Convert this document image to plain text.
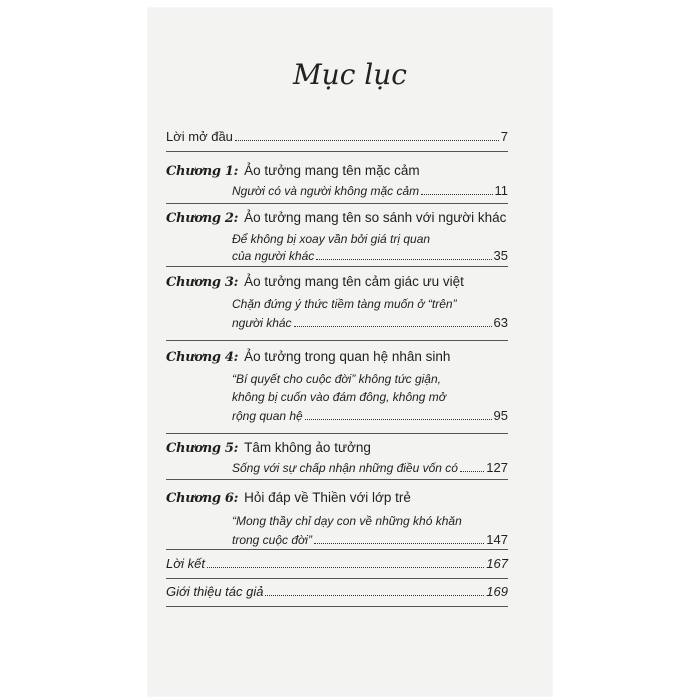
Mục lục
Lời mở đầu	7
Chương 1: Ảo tưởng mang tên mặc cảm
Người có và người không mặc cảm	11
Chương 2: Ảo tưởng mang tên so sánh với người khác
Để không bị xoay vần bởi giá trị quan
của người khác	35
Chương 3: Ảo tưởng mang tên cảm giác ưu việt
Chặn đứng ý thức tiềm tàng muốn ở “trên”
người khác	63
Chương 4: Ảo tưởng trong quan hệ nhân sinh
“Bí quyết cho cuộc đời” không tức giận,
không bị cuốn vào đám đông, không mở
rộng quan hệ	95
Chương 5: Tâm không ảo tưởng
Sống với sự chấp nhận những điều vốn có 127
Chương 6: Hỏi đáp về Thiền với lớp trẻ
“Mong thầy chỉ dạy con về những khó khăn
trong cuộc đời”	147
Lời kết	167
Giới thiệu tác giả	169
